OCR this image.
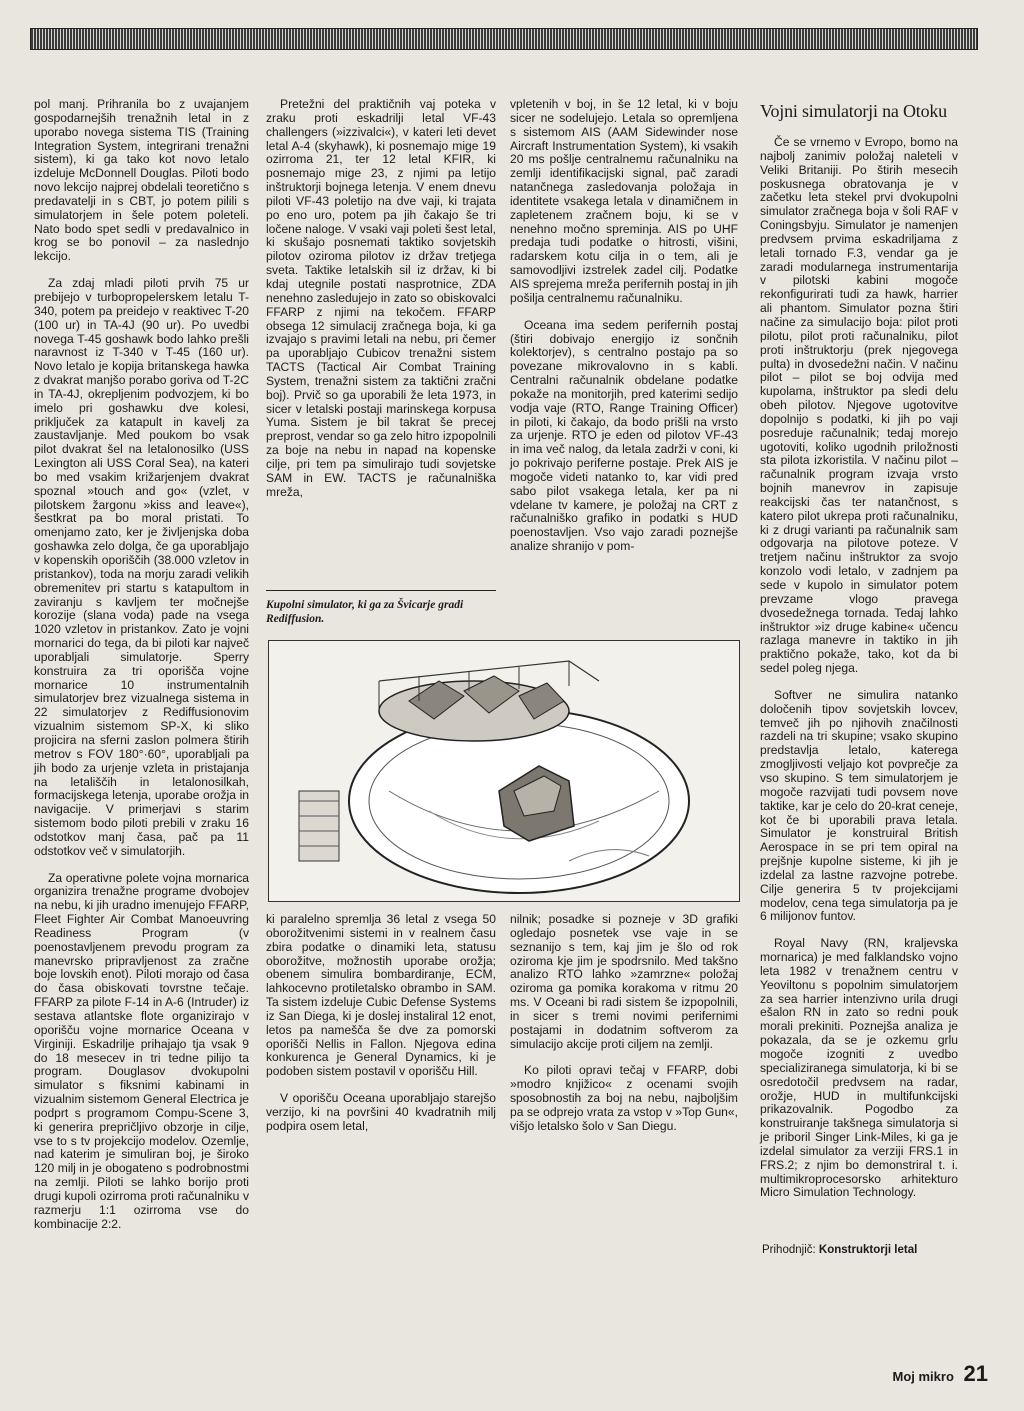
pol manj. Prihranila bo z uvajanjem gospodarnejših trenažnih letal in z uporabo novega sistema TIS (Training Integration System, integrirani trenažni sistem), ki ga tako kot novo letalo izdeluje McDonnell Douglas. Piloti bodo novo lekcijo najprej obdelali teoretično s predavatelji in s CBT, jo potem pilili s simulatorjem in šele potem poleteli. Nato bodo spet sedli v predavalnico in krog se bo ponovil – za naslednjo lekcijo.

Za zdaj mladi piloti prvih 75 ur prebijejo v turbopropelerskem letalu T-340, potem pa preidejo v reaktivec T-20 (100 ur) in TA-4J (90 ur). Po uvedbi novega T-45 goshawk bodo lahko prešli naravnost iz T-340 v T-45 (160 ur). Novo letalo je kopija britanskega hawka z dvakrat manjšo porabo goriva od T-2C in TA-4J, okrepljenim podvozjem, ki bo imelo pri goshawku dve kolesi, priključek za katapult in kavelj za zaustavljanje. Med poukom bo vsak pilot dvakrat šel na letalonosilko (USS Lexington ali USS Coral Sea), na kateri bo med vsakim križarjenjem dvakrat spoznal »touch and go« (vzlet, v pilotskem žargonu »kiss and leave«), šestkrat pa bo moral pristati. To omenjamo zato, ker je življenjska doba goshawka zelo dolga, če ga uporabljajo v kopenskih oporiščih (38.000 vzletov in pristankov), toda na morju zaradi velikih obremenitev pri startu s katapultom in zaviranju s kavljem ter močnejše korozije (slana voda) pade na vsega 1020 vzletov in pristankov. Zato je vojni mornarici do tega, da bi piloti kar največ uporabljali simulatorje. Sperry konstruira za tri oporišča vojne mornarice 10 instrumentalnih simulatorjev brez vizualnega sistema in 22 simulatorjev z Rediffusionovim vizualnim sistemom SP-X, ki sliko projicira na sferni zaslon polmera štirih metrov s FOV 180°·60°, uporabljali pa jih bodo za urjenje vzleta in pristajanja na letališčih in letalonosilkah, formacijskega letenja, uporabe orožja in navigacije. V primerjavi s starim sistemom bodo piloti prebili v zraku 16 odstotkov manj časa, pač pa 11 odstotkov več v simulatorjih.

Za operativne polete vojna mornarica organizira trenažne programe dvobojev na nebu, ki jih uradno imenujejo FFARP, Fleet Fighter Air Combat Manoeuvring Readiness Program (v poenostavljenem prevodu program za manevrsko pripravljenost za zračne boje lovskih enot). Piloti morajo od časa do časa obiskovati tovrstne tečaje. FFARP za pilote F-14 in A-6 (Intruder) iz sestava atlantske flote organizirajo v oporišču vojne mornarice Oceana v Virginiji. Eskadrilje prihajajo tja vsak 9 do 18 mesecev in tri tedne pilijo ta program. Douglasov dvokupolni simulator s fiksnimi kabinami in vizualnim sistemom General Electrica je podprt s programom Compu-Scene 3, ki generira prepričljivo obzorje in cilje, vse to s tv projekcijo modelov. Ozemlje, nad katerim je simuliran boj, je široko 120 milj in je obogateno s podrobnostmi na zemlji. Piloti se lahko borijo proti drugi kupoli ozirroma proti računalniku v razmerju 1:1 ozirroma vse do kombinacije 2:2.

Pretežni del praktičnih vaj poteka v zraku proti eskadrilji letal VF-43 challengers (»izzivalci«), v kateri leti devet letal A-4 (skyhawk), ki posnemajo mige 19 ozirroma 21, ter 12 letal KFIR, ki posnemajo mige 23, z njimi pa letijo inštruktorji bojnega letenja. V enem dnevu piloti VF-43 poletijo na dve vaji, ki trajata po eno uro, potem pa jih čakajo še tri ločene naloge. V vsaki vaji poleti šest letal, ki skušajo posnemati taktiko sovjetskih pilotov oziroma pilotov iz držav tretjega sveta. Taktike letalskih sil iz držav, ki bi kdaj utegnile postati nasprotnice, ZDA nenehno zasledujejo in zato so obiskovalci FFARP z njimi na tekočem. FFARP obsega 12 simulacij zračnega boja, ki ga izvajajo s pravimi letali na nebu, pri čemer pa uporabljajo Cubicov trenažni sistem TACTS (Tactical Air Combat Training System, trenažni sistem za taktični zračni boj). Prvič so ga uporabili že leta 1973, in sicer v letalski postaji marinskega korpusa Yuma. Sistem je bil takrat še precej preprost, vendar so ga zelo hitro izpopolnili za boje na nebu in napad na kopenske cilje, pri tem pa simulirajo tudi sovjetske SAM in EW. TACTS je računalniška mreža,

Kupolni simulator, ki ga za Švicarje gradi Rediffusion.

vpletenih v boj, in še 12 letal, ki v boju sicer ne sodelujejo. Letala so opremljena s sistemom AIS (AAM Sidewinder nose Aircraft Instrumentation System), ki vsakih 20 ms pošlje centralnemu računalniku na zemlji identifikacijski signal, pač zaradi natančnega zasledovanja položaja in identitete vsakega letala v dinamičnem in zapletenem zračnem boju, ki se v nenehno močno spreminja. AIS po UHF predaja tudi podatke o hitrosti, višini, radarskem kotu cilja in o tem, ali je samovodljivi izstrelek zadel cilj. Podatke AIS sprejema mreža perifernih postaj in jih pošilja centralnemu računalniku.

Oceana ima sedem perifernih postaj (štiri dobivajo energijo iz sončnih kolektorjev), s centralno postajo pa so povezane mikrovalovno in s kabli. Centralni računalnik obdelane podatke pokaže na monitorjih, pred katerimi sedijo vodja vaje (RTO, Range Training Officer) in piloti, ki čakajo, da bodo prišli na vrsto za urjenje. RTO je eden od pilotov VF-43 in ima več nalog, da letala zadrži v coni, ki jo pokrivajo periferne postaje. Prek AIS je mogoče videti natanko to, kar vidi pred sabo pilot vsakega letala, ker pa ni vdelane tv kamere, je položaj na CRT z računalniško grafiko in podatki s HUD poenostavljen. Vso vajo zaradi poznejše analize shranijo v pom-

ki paralelno spremlja 36 letal z vsega 50 oborožitvenimi sistemi in v realnem času zbira podatke o dinamiki leta, statusu oborožitve, možnostih uporabe orožja; obenem simulira bombardiranje, ECM, lahkocevno protiletalsko obrambo in SAM. Ta sistem izdeluje Cubic Defense Systems iz San Diega, ki je doslej instaliral 12 enot, letos pa namešča še dve za pomorski oporišči Nellis in Fallon. Njegova edina konkurenca je General Dynamics, ki je podoben sistem postavil v oporišču Hill.

V oporišču Oceana uporabljajo starejšo verzijo, ki na površini 40 kvadratnih milj podpira osem letal,

nilnik; posadke si pozneje v 3D grafiki ogledajo posnetek vse vaje in se seznanijo s tem, kaj jim je šlo od rok oziroma kje jim je spodrsnilo. Med takšno analizo RTO lahko »zamrzne« položaj oziroma ga pomika korakoma v ritmu 20 ms. V Oceani bi radi sistem še izpopolnili, in sicer s tremi novimi perifernimi postajami in dodatnim softverom za simulacijo akcije proti ciljem na zemlji.

Ko piloti opravi tečaj v FFARP, dobi »modro knjižico« z ocenami svojih sposobnostih za boj na nebu, najboljšim pa se odprejo vrata za vstop v »Top Gun«, višjo letalsko šolo v San Diegu.

Vojni simulatorji na Otoku

Če se vrnemo v Evropo, bomo na najbolj zanimiv položaj naleteli v Veliki Britaniji. Po štirih mesecih poskusnega obratovanja je v začetku leta stekel prvi dvokupolni simulator zračnega boja v šoli RAF v Coningsbyju. Simulator je namenjen predvsem prvima eskadriljama z letali tornado F.3, vendar ga je zaradi modularnega instrumentarija v pilotski kabini mogoče rekonfigurirati tudi za hawk, harrier ali phantom. Simulator pozna štiri načine za simulacijo boja: pilot proti pilotu, pilot proti računalniku, pilot proti inštruktorju (prek njegovega pulta) in dvosedežni način. V načinu pilot – pilot se boj odvija med kupolama, inštruktor pa sledi delu obeh pilotov. Njegove ugotovitve dopolnijo s podatki, ki jih po vaji posreduje računalnik; tedaj morejo ugotoviti, koliko ugodnih priložnosti sta pilota izkoristila. V načinu pilot – računalnik program izvaja vrsto bojnih manevrov in zapisuje reakcijski čas ter natančnost, s katero pilot ukrepa proti računalniku, ki z drugi varianti pa računalnik sam odgovarja na pilotove poteze. V tretjem načinu inštruktor za svojo konzolo vodi letalo, v zadnjem pa sede v kupolo in simulator potem prevzame vlogo pravega dvosedežnega tornada. Tedaj lahko inštruktor »iz druge kabine« učencu razlaga manevre in taktiko in jih praktično pokaže, tako, kot da bi sedel poleg njega.

Softver ne simulira natanko določenih tipov sovjetskih lovcev, temveč jih po njihovih značilnosti razdeli na tri skupine; vsako skupino predstavlja letalo, katerega zmogljivosti veljajo kot povprečje za vso skupino. S tem simulatorjem je mogoče razvijati tudi povsem nove taktike, kar je celo do 20-krat ceneje, kot če bi uporabili prava letala. Simulator je konstruiral British Aerospace in se pri tem opiral na prejšnje kupolne sisteme, ki jih je izdelal za lastne razvojne potrebe. Cilje generira 5 tv projekcijami modelov, cena tega simulatorja pa je 6 milijonov funtov.

Royal Navy (RN, kraljevska mornarica) je med falklandsko vojno leta 1982 v trenažnem centru v Yeoviltonu s popolnim simulatorjem za sea harrier intenzivno urila drugi ešalon RN in zato so redni pouk morali prekiniti. Poznejša analiza je pokazala, da se je ozkemu grlu mogoče izogniti z uvedbo specializiranega simulatorja, ki bi se osredotočil predvsem na radar, orožje, HUD in multifunkcijski prikazovalnik. Pogodbo za konstruiranje takšnega simulatorja si je priboril Singer Link-Miles, ki ga je izdelal simulator za verziji FRS.1 in FRS.2; z njim bo demonstriral t. i. multimikroprocesorsko arhitekturo Micro Simulation Technology.

Prihodnjič: Konstruktorji letal
Moj mikro 21
